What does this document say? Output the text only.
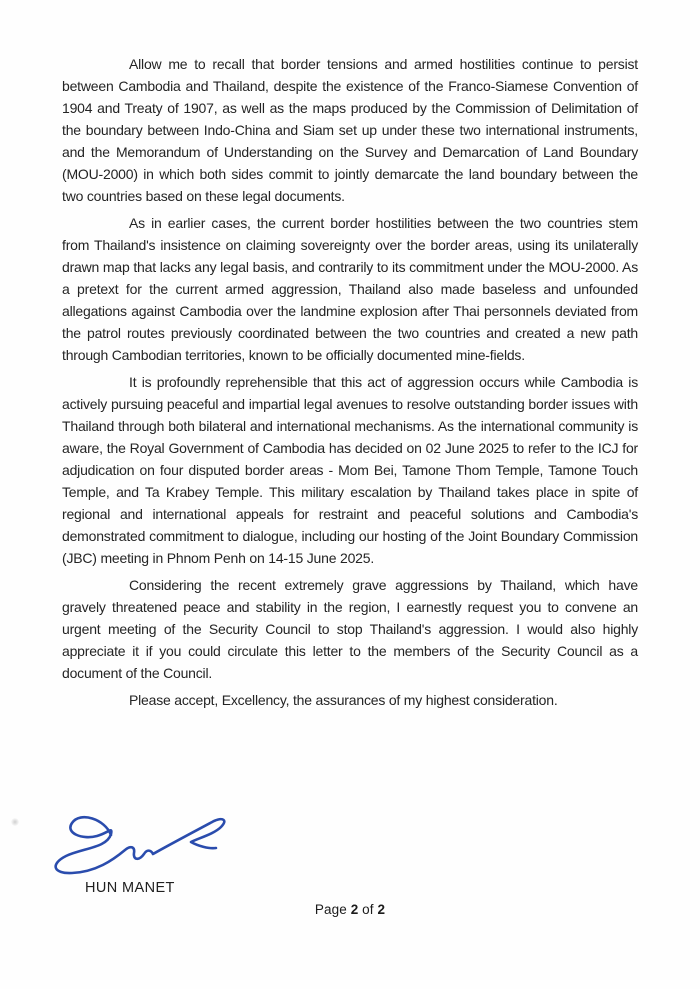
Allow me to recall that border tensions and armed hostilities continue to persist between Cambodia and Thailand, despite the existence of the Franco-Siamese Convention of 1904 and Treaty of 1907, as well as the maps produced by the Commission of Delimitation of the boundary between Indo-China and Siam set up under these two international instruments, and the Memorandum of Understanding on the Survey and Demarcation of Land Boundary (MOU-2000) in which both sides commit to jointly demarcate the land boundary between the two countries based on these legal documents.

As in earlier cases, the current border hostilities between the two countries stem from Thailand's insistence on claiming sovereignty over the border areas, using its unilaterally drawn map that lacks any legal basis, and contrarily to its commitment under the MOU-2000. As a pretext for the current armed aggression, Thailand also made baseless and unfounded allegations against Cambodia over the landmine explosion after Thai personnels deviated from the patrol routes previously coordinated between the two countries and created a new path through Cambodian territories, known to be officially documented mine-fields.

It is profoundly reprehensible that this act of aggression occurs while Cambodia is actively pursuing peaceful and impartial legal avenues to resolve outstanding border issues with Thailand through both bilateral and international mechanisms. As the international community is aware, the Royal Government of Cambodia has decided on 02 June 2025 to refer to the ICJ for adjudication on four disputed border areas - Mom Bei, Tamone Thom Temple, Tamone Touch Temple, and Ta Krabey Temple. This military escalation by Thailand takes place in spite of regional and international appeals for restraint and peaceful solutions and Cambodia's demonstrated commitment to dialogue, including our hosting of the Joint Boundary Commission (JBC) meeting in Phnom Penh on 14-15 June 2025.

Considering the recent extremely grave aggressions by Thailand, which have gravely threatened peace and stability in the region, I earnestly request you to convene an urgent meeting of the Security Council to stop Thailand's aggression. I would also highly appreciate it if you could circulate this letter to the members of the Security Council as a document of the Council.

Please accept, Excellency, the assurances of my highest consideration.

HUN MANET
Page 2 of 2
